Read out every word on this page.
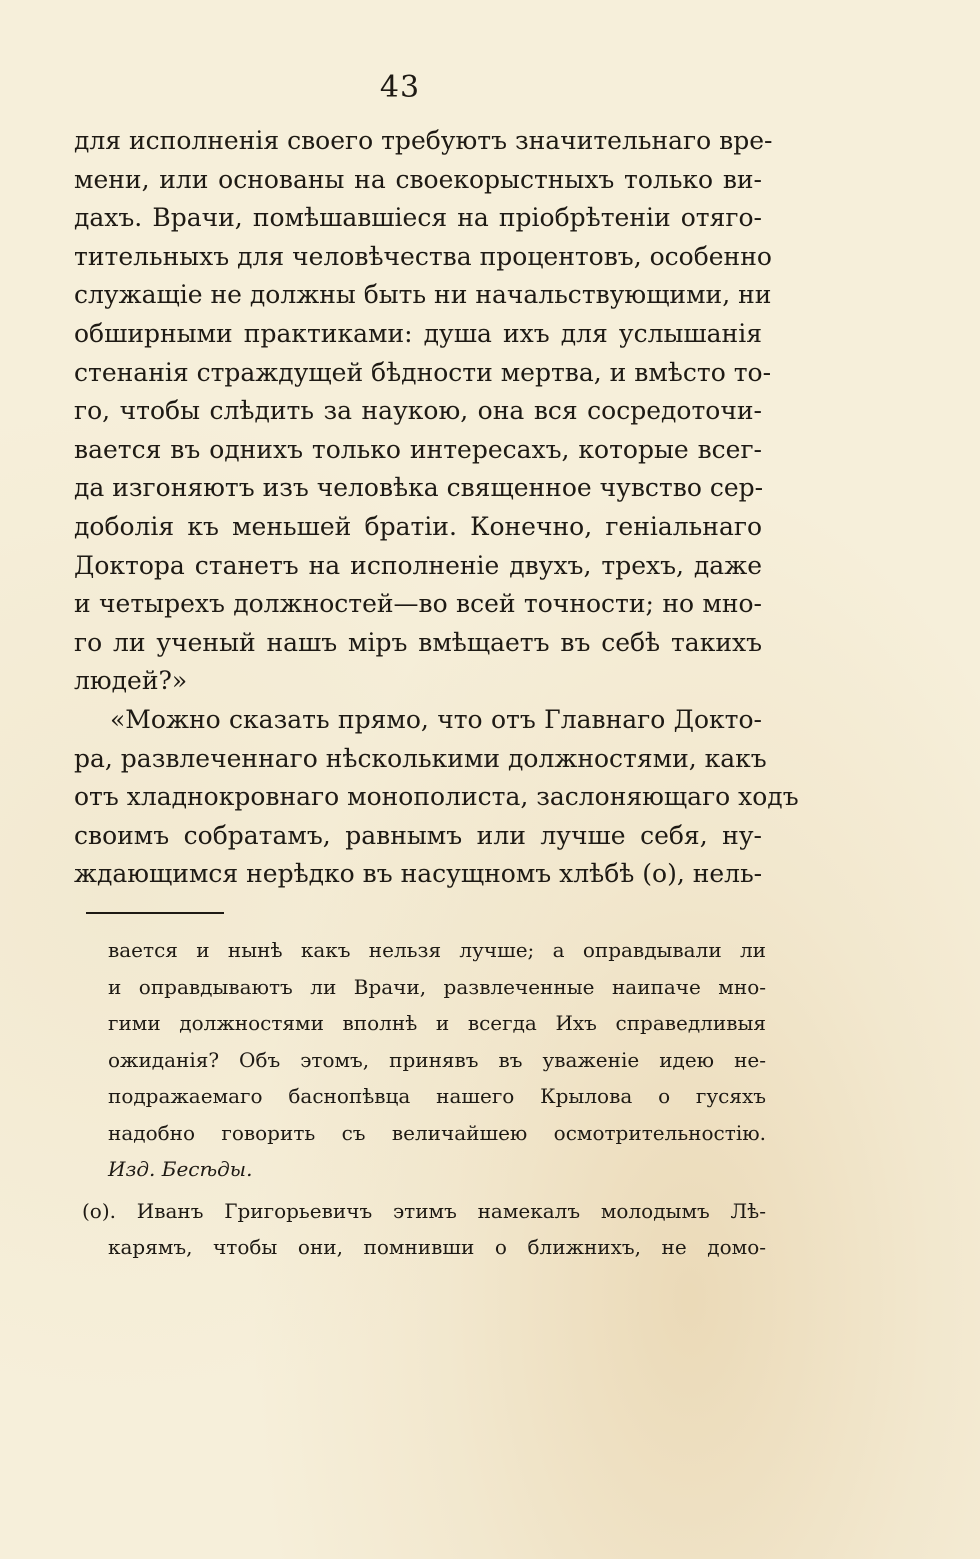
43
для исполненія своего требуютъ значительнаго вре-
мени, или основаны на своекорыстныхъ только ви-
дахъ. Врачи, помѣшавшіеся на пріобрѣтеніи отяго-
тительныхъ для человѣчества процентовъ, особенно
служащіе не должны быть ни начальствующими, ни
обширными практиками: душа ихъ для услышанія
стенанія страждущей бѣдности мертва, и вмѣсто то-
го, чтобы слѣдить за наукою, она вся сосредоточи-
вается въ однихъ только интересахъ, которые всег-
да изгоняютъ изъ человѣка священное чувство сер-
доболія къ меньшей братіи. Конечно, геніальнаго
Доктора станетъ на исполненіе двухъ, трехъ, даже
и четырехъ должностей—во всей точности; но мно-
го ли ученый нашъ міръ вмѣщаетъ въ себѣ такихъ
людей?»
«Можно сказать прямо, что отъ Главнаго Докто-
ра, развлеченнаго нѣсколькими должностями, какъ
отъ хладнокровнаго монополиста, заслоняющаго ходъ
своимъ собратамъ, равнымъ или лучше себя, ну-
ждающимся нерѣдко въ насущномъ хлѣбѣ (о), нель-
вается и нынѣ какъ нельзя лучше; а оправдывали ли
и оправдываютъ ли Врачи, развлеченные наипаче мно-
гими должностями вполнѣ и всегда Ихъ справедливыя
ожиданія? Объ этомъ, принявъ въ уваженіе идею не-
подражаемаго баснопѣвца нашего Крылова о гусяхъ
надобно говорить съ величайшею осмотрительностію.
Изд. Бесѣды.
(о). Иванъ Григорьевичъ этимъ намекалъ молодымъ Лѣ-
карямъ, чтобы они, помнивши о ближнихъ, не домо-
